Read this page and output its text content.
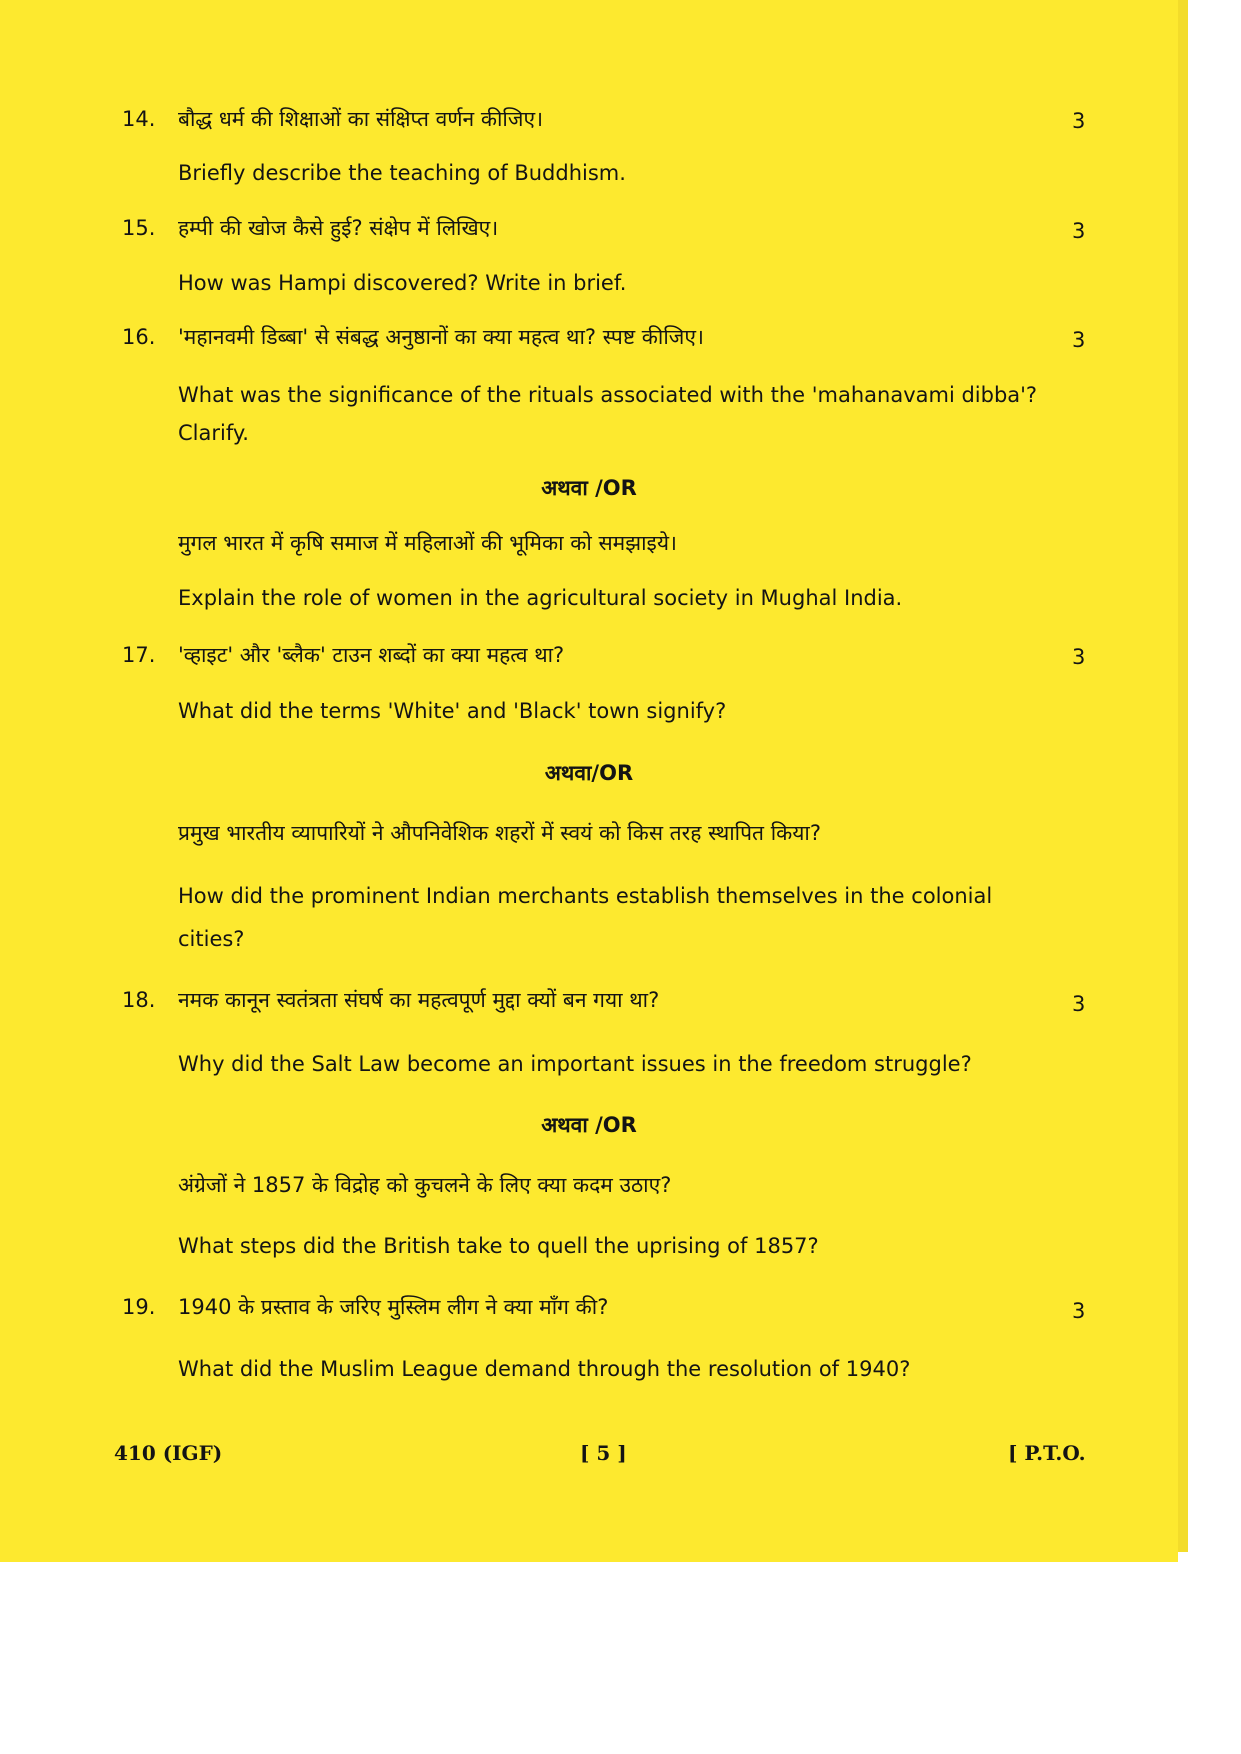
14. बौद्ध धर्म की शिक्षाओं का संक्षिप्त वर्णन कीजिए।	3
Briefly describe the teaching of Buddhism.
15. हम्पी की खोज कैसे हुई? संक्षेप में लिखिए।	3
How was Hampi discovered? Write in brief.
16. 'महानवमी डिब्बा' से संबद्ध अनुष्ठानों का क्या महत्व था? स्पष्ट कीजिए।	3
What was the significance of the rituals associated with the 'mahanavami dibba'?
Clarify.
अथवा /OR
मुगल भारत में कृषि समाज में महिलाओं की भूमिका को समझाइये।
Explain the role of women in the agricultural society in Mughal India.
17. 'व्हाइट' और 'ब्लैक' टाउन शब्दों का क्या महत्व था?	3
What did the terms 'White' and 'Black' town signify?
अथवा/OR
प्रमुख भारतीय व्यापारियों ने औपनिवेशिक शहरों में स्वयं को किस तरह स्थापित किया?
How did the prominent Indian merchants establish themselves in the colonial
cities?
18. नमक कानून स्वतंत्रता संघर्ष का महत्वपूर्ण मुद्दा क्यों बन गया था?	3
Why did the Salt Law become an important issues in the freedom struggle?
अथवा /OR
अंग्रेजों ने 1857 के विद्रोह को कुचलने के लिए क्या कदम उठाए?
What steps did the British take to quell the uprising of 1857?
19. 1940 के प्रस्ताव के जरिए मुस्लिम लीग ने क्या माँग की?	3
What did the Muslim League demand through the resolution of 1940?
410 (IGF)	[ 5 ]	[ P.T.O.
